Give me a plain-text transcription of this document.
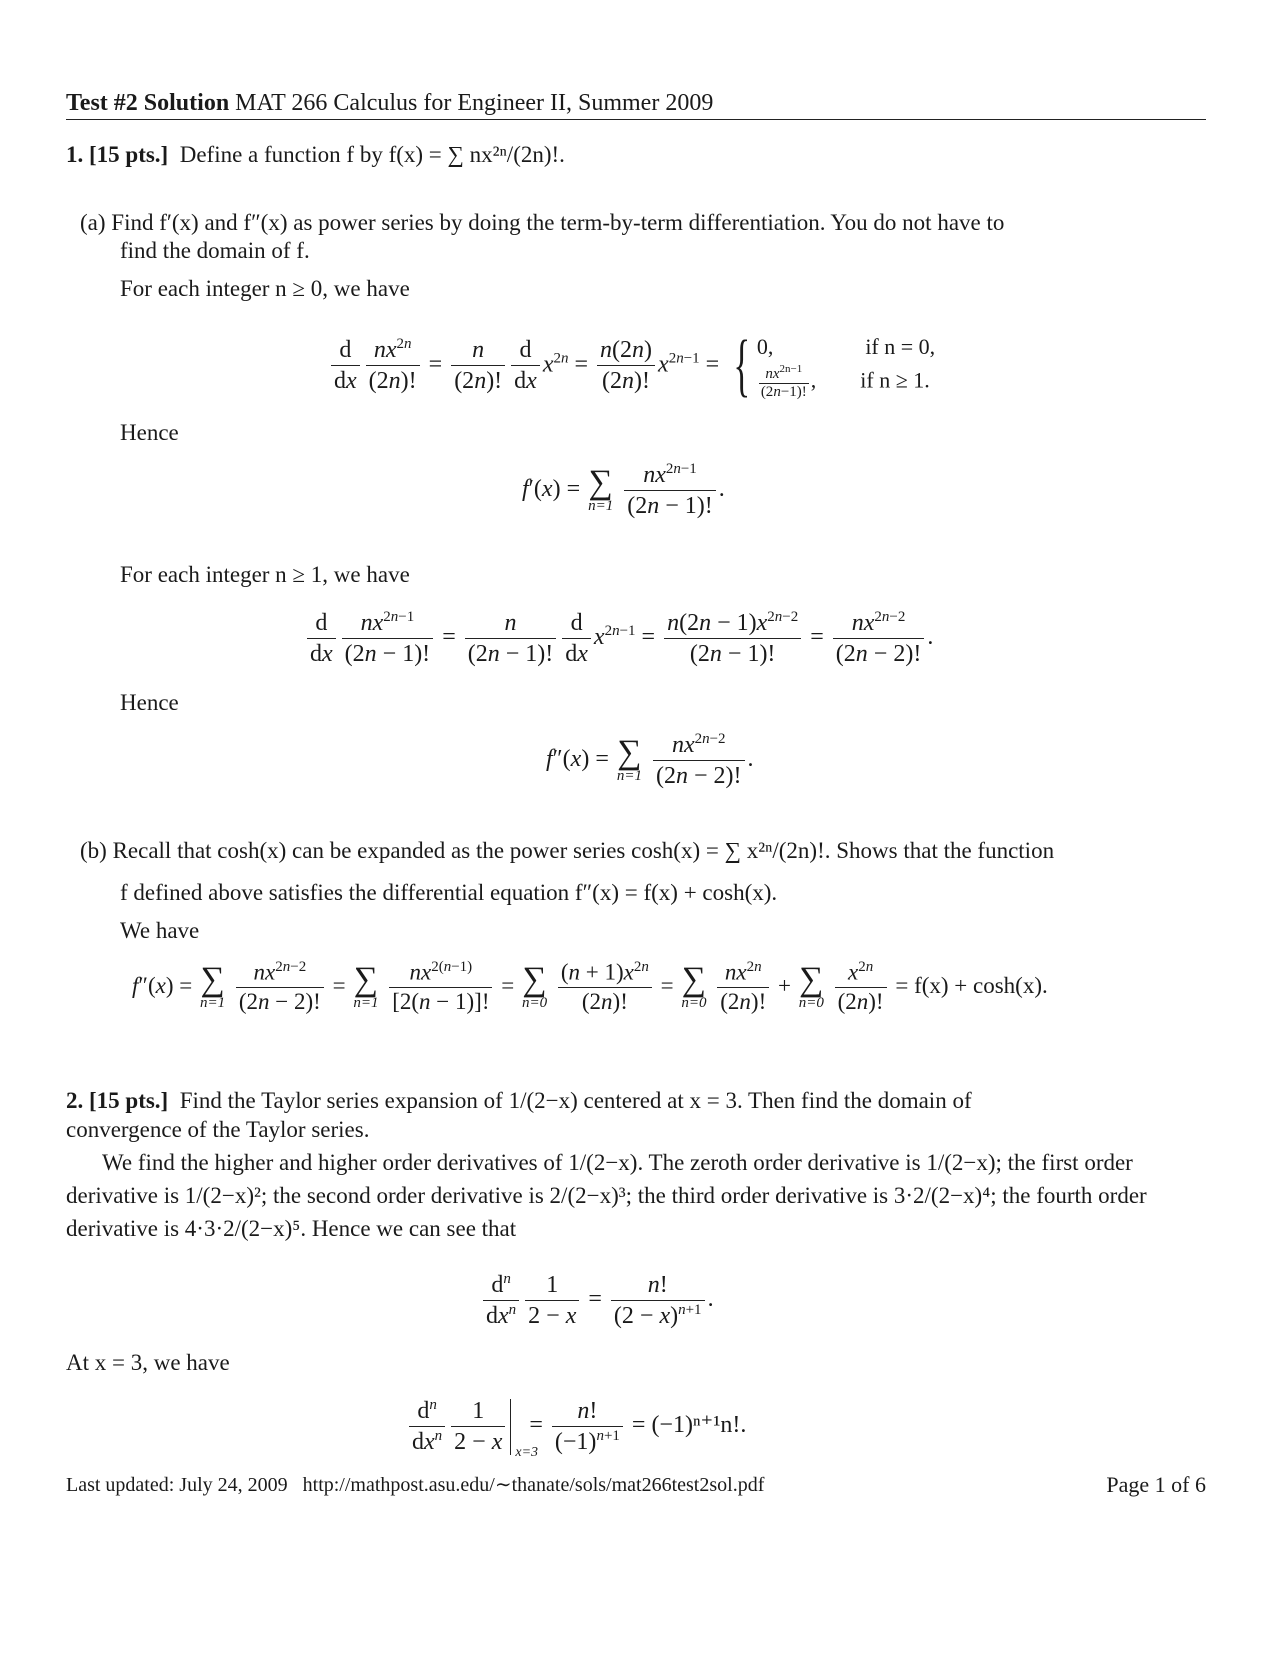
Test #2 Solution MAT 266 Calculus for Engineer II, Summer 2009
1. [15 pts.] Define a function f by f(x) = ∑ nx²ⁿ/(2n)!.
(a) Find f′(x) and f″(x) as power series by doing the term-by-term differentiation. You do not have to
find the domain of f.
For each integer n ≥ 0, we have
$\frac{d}{dx} \frac{nx^{2n}}{(2n)!} = \frac{n}{(2n)!} \frac{d}{dx} x^{2n} = \frac{n(2n)}{(2n)!} x^{2n-1}$ = { 0,	if n = 0,
$\frac{nx^{2n-1}}{(2n-1)!}$ , if n ≥ 1.
Hence
f′(x) = ∑
n=1
$\frac{nx^{2n-1}}{(2n - 1)!}$ .
For each integer n ≥ 1, we have
$\frac{d}{dx} \frac{nx^{2n-1}}{(2n - 1)!} = \frac{n}{(2n - 1)!} \frac{d}{dx} x^{2n-1} = \frac{n(2n - 1)x^{2n-2}}{(2n - 1)!} = \frac{nx^{2n-2}}{(2n - 2)!}$ .
Hence
f″(x) = ∑
n=1
$\frac{nx^{2n-2}}{(2n - 2)!}$ .
(b) Recall that cosh(x) can be expanded as the power series cosh(x) = ∑ x²ⁿ/(2n)!. Shows that the function
f defined above satisfies the differential equation f″(x) = f(x) + cosh(x).
We have
f″(x) = ∑
n=1
$\frac{nx^{2n-2}}{(2n - 2)!}$ = ∑
n=1
$\frac{nx^{2(n-1)}}{[2(n - 1)]!}$ = ∑
n=0
$\frac{(n + 1)x^{2n}}{(2n)!}$ = ∑
n=0
$\frac{nx^{2n}}{(2n)!}$ + ∑
n=0
$\frac{x^{2n}}{(2n)!} = f(x) + \cosh(x)$.
2. [15 pts.] Find the Taylor series expansion of 1/(2−x) centered at x = 3. Then find the domain of
convergence of the Taylor series.
We find the higher and higher order derivatives of 1/(2−x). The zeroth order derivative is 1/(2−x); the first order
derivative is 1/(2−x)²; the second order derivative is 2/(2−x)³; the third order derivative is 3·2/(2−x)⁴; the fourth order
derivative is 4·3·2/(2−x)⁵. Hence we can see that
$\frac{d^n}{dx^n} \frac{1}{2 - x} = \frac{n!}{(2 - x)^{n+1}}$ .
At x = 3, we have
$\frac{d^n}{dx^n} \frac{1}{2 - x} x=3$
= $\frac{n!}{(-1)^{n+1}} = (-1)^{n+1}n$!.
Last updated: July 24, 2009 http://mathpost.asu.edu/∼thanate/sols/mat266test2sol.pdf	Page 1 of 6
